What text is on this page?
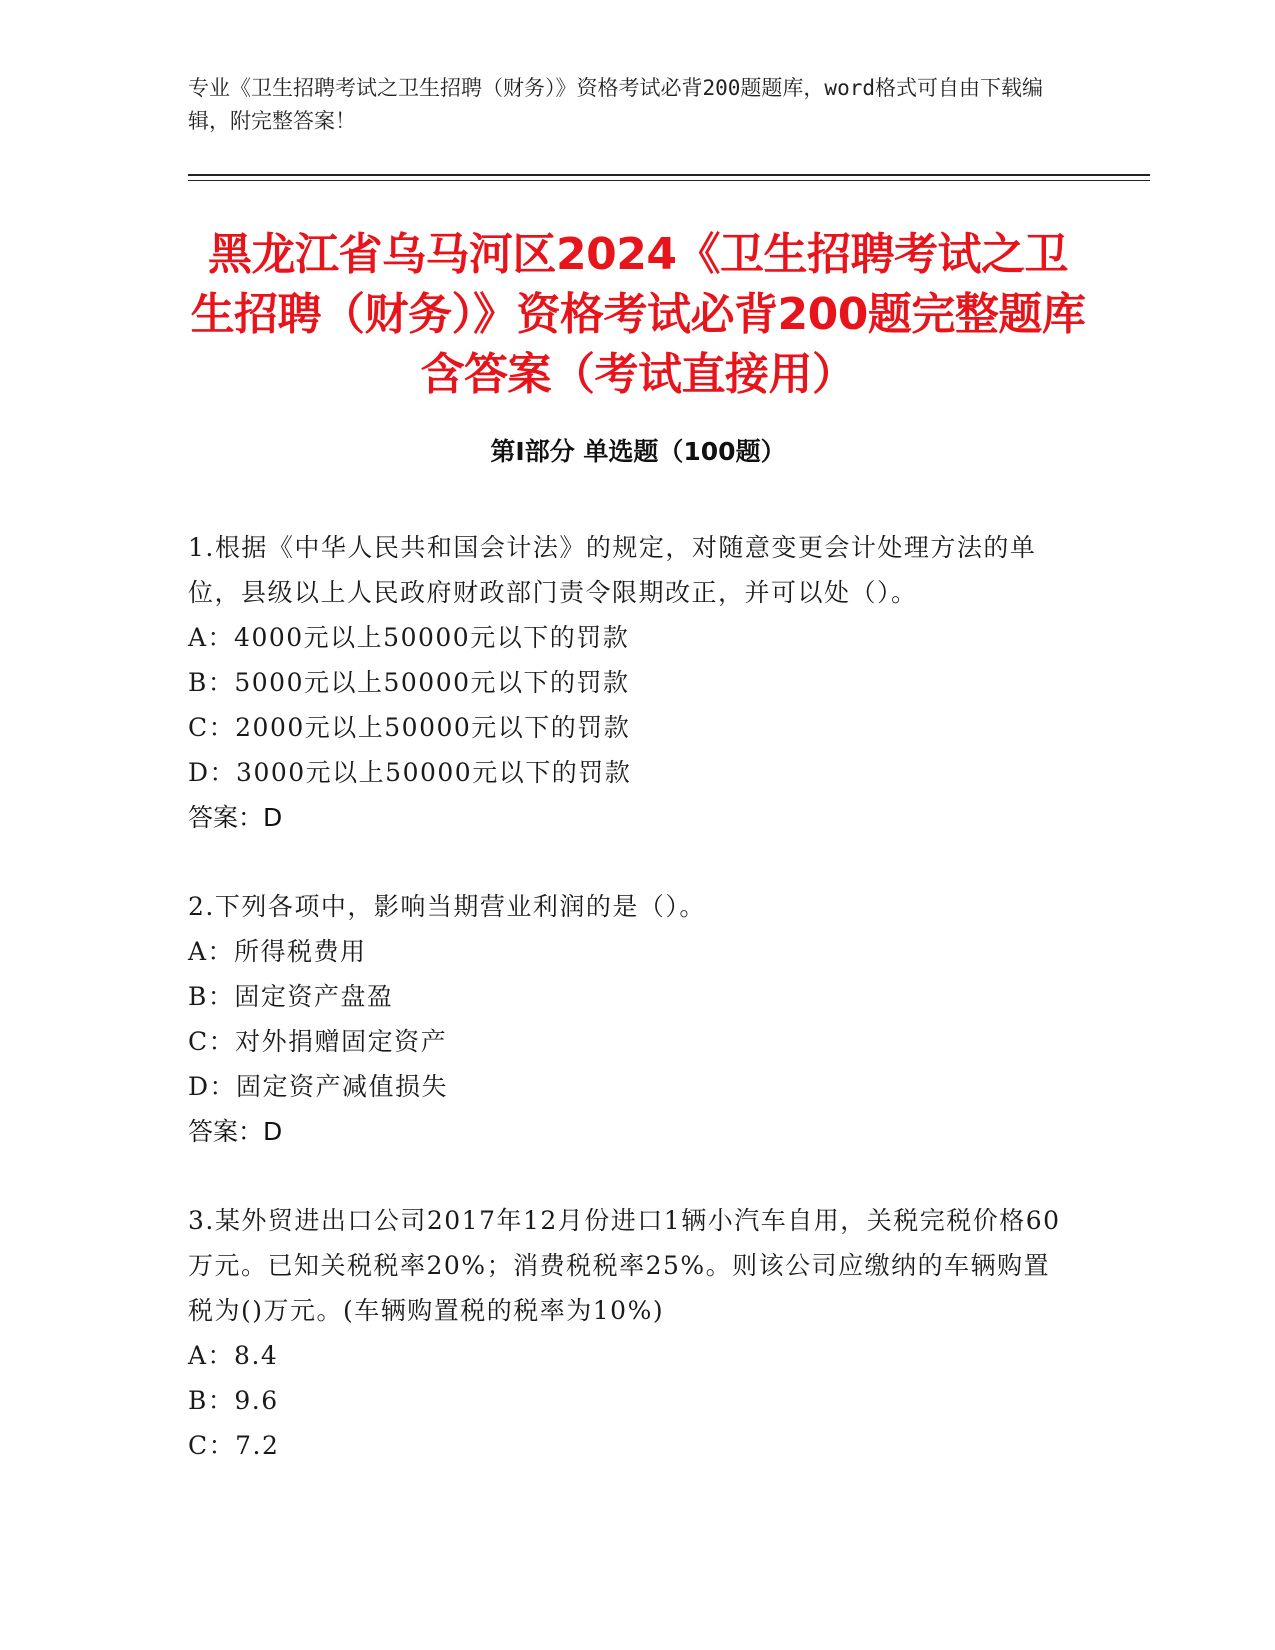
专业《卫生招聘考试之卫生招聘（财务）》资格考试必背200题题库，word格式可自由下载编辑，附完整答案！
黑龙江省乌马河区2024《卫生招聘考试之卫生招聘（财务）》资格考试必背200题完整题库含答案（考试直接用）
第Ⅰ部分 单选题（100题）

1.根据《中华人民共和国会计法》的规定，对随意变更会计处理方法的单位，县级以上人民政府财政部门责令限期改正，并可以处（）。

A：4000元以上50000元以下的罚款

B：5000元以上50000元以下的罚款

C：2000元以上50000元以下的罚款

D：3000元以上50000元以下的罚款

答案：D

2.下列各项中，影响当期营业利润的是（）。

A：所得税费用

B：固定资产盘盈

C：对外捐赠固定资产

D：固定资产减值损失

答案：D

3.某外贸进出口公司2017年12月份进口1辆小汽车自用，关税完税价格60万元。已知关税税率20%；消费税税率25%。则该公司应缴纳的车辆购置税为()万元。(车辆购置税的税率为10%)

A：8.4

B：9.6

C：7.2
